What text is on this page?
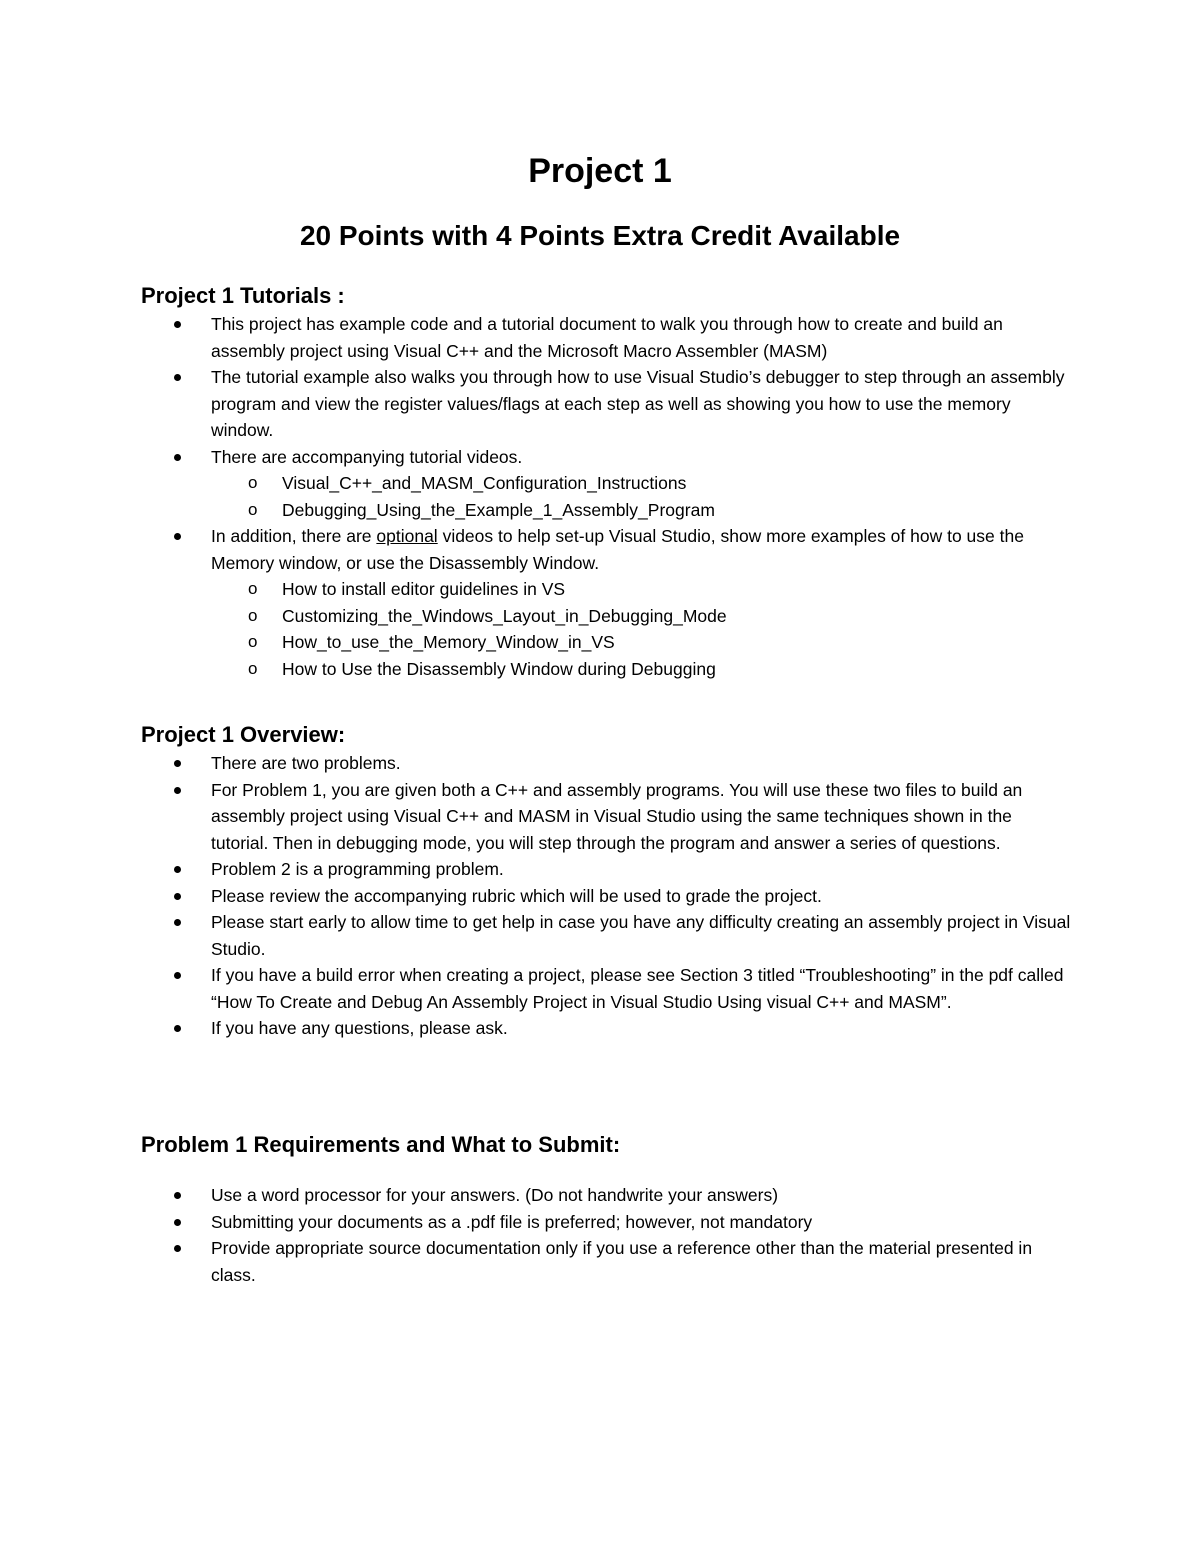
Project 1
20 Points with 4 Points Extra Credit Available
Project 1 Tutorials :
This project has example code and a tutorial document to walk you through how to create and build an assembly project using Visual C++ and the Microsoft Macro Assembler (MASM)
The tutorial example also walks you through how to use Visual Studio’s debugger to step through an assembly program and view the register values/flags at each step as well as showing you how to use the memory window.
There are accompanying tutorial videos.
o Visual_C++_and_MASM_Configuration_Instructions
o Debugging_Using_the_Example_1_Assembly_Program
In addition, there are optional videos to help set-up Visual Studio, show more examples of how to use the Memory window, or use the Disassembly Window.
o How to install editor guidelines in VS
o Customizing_the_Windows_Layout_in_Debugging_Mode
o How_to_use_the_Memory_Window_in_VS
o How to Use the Disassembly Window during Debugging
Project 1 Overview:
There are two problems.
For Problem 1, you are given both a C++ and assembly programs. You will use these two files to build an assembly project using Visual C++ and MASM in Visual Studio using the same techniques shown in the tutorial. Then in debugging mode, you will step through the program and answer a series of questions.
Problem 2 is a programming problem.
Please review the accompanying rubric which will be used to grade the project.
Please start early to allow time to get help in case you have any difficulty creating an assembly project in Visual Studio.
If you have a build error when creating a project, please see Section 3 titled “Troubleshooting” in the pdf called “How To Create and Debug An Assembly Project in Visual Studio Using visual C++ and MASM”.
If you have any questions, please ask.
Problem 1 Requirements and What to Submit:
Use a word processor for your answers. (Do not handwrite your answers)
Submitting your documents as a .pdf file is preferred; however, not mandatory
Provide appropriate source documentation only if you use a reference other than the material presented in class.
